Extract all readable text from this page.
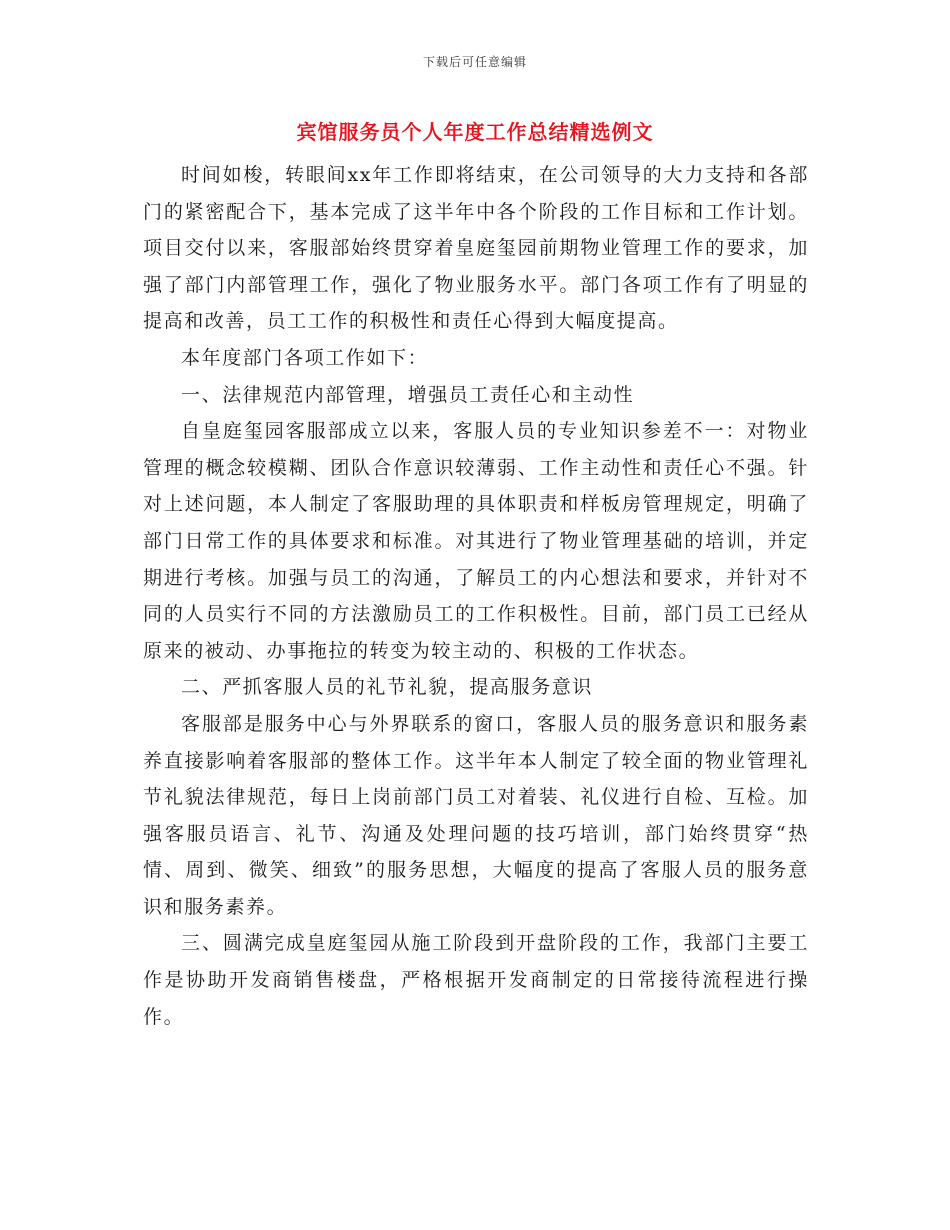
下载后可任意编辑
宾馆服务员个人年度工作总结精选例文

时间如梭，转眼间xx年工作即将结束，在公司领导的大力支持和各部门的紧密配合下，基本完成了这半年中各个阶段的工作目标和工作计划。项目交付以来，客服部始终贯穿着皇庭玺园前期物业管理工作的要求，加强了部门内部管理工作，强化了物业服务水平。部门各项工作有了明显的提高和改善，员工工作的积极性和责任心得到大幅度提高。

本年度部门各项工作如下：

一、法律规范内部管理，增强员工责任心和主动性

自皇庭玺园客服部成立以来，客服人员的专业知识参差不一：对物业管理的概念较模糊、团队合作意识较薄弱、工作主动性和责任心不强。针对上述问题，本人制定了客服助理的具体职责和样板房管理规定，明确了部门日常工作的具体要求和标准。对其进行了物业管理基础的培训，并定期进行考核。加强与员工的沟通，了解员工的内心想法和要求，并针对不同的人员实行不同的方法激励员工的工作积极性。目前，部门员工已经从原来的被动、办事拖拉的转变为较主动的、积极的工作状态。

二、严抓客服人员的礼节礼貌，提高服务意识

客服部是服务中心与外界联系的窗口，客服人员的服务意识和服务素养直接影响着客服部的整体工作。这半年本人制定了较全面的物业管理礼节礼貌法律规范，每日上岗前部门员工对着装、礼仪进行自检、互检。加强客服员语言、礼节、沟通及处理问题的技巧培训，部门始终贯穿“热情、周到、微笑、细致”的服务思想，大幅度的提高了客服人员的服务意识和服务素养。

三、圆满完成皇庭玺园从施工阶段到开盘阶段的工作，我部门主要工作是协助开发商销售楼盘，严格根据开发商制定的日常接待流程进行操作。
